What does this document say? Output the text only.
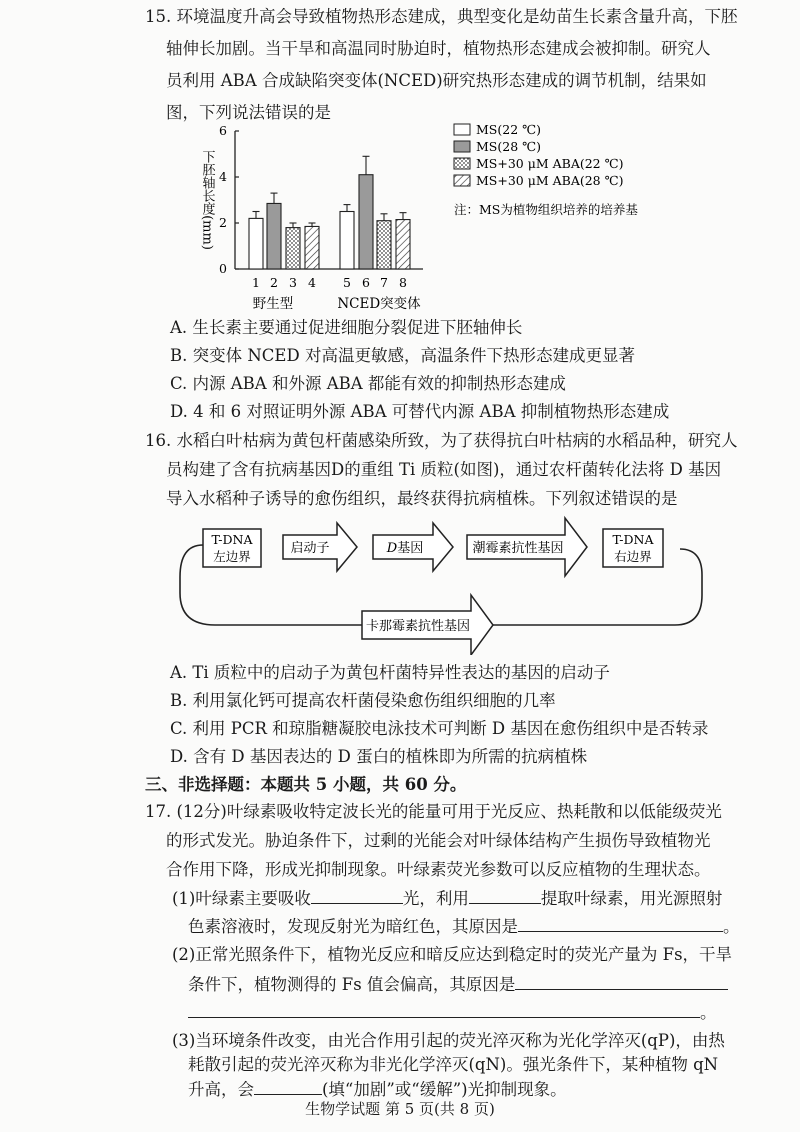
15. 环境温度升高会导致植物热形态建成，典型变化是幼苗生长素含量升高，下胚
轴伸长加剧。当干旱和高温同时胁迫时，植物热形态建成会被抑制。研究人
员利用 ABA 合成缺陷突变体(NCED)研究热形态建成的调节机制，结果如
图，下列说法错误的是
0
2
4
6
1 2 3 4 5 6 7 8
下胚轴长度(mm)
MS(22 ℃)
MS(28 ℃)
MS+30 μM ABA(22 ℃)
MS+30 μM ABA(28 ℃)
注：MS为植物组织培养的培养基
野生型	NCED突变体
A. 生长素主要通过促进细胞分裂促进下胚轴伸长
B. 突变体 NCED 对高温更敏感，高温条件下热形态建成更显著
C. 内源 ABA 和外源 ABA 都能有效的抑制热形态建成
D. 4 和 6 对照证明外源 ABA 可替代内源 ABA 抑制植物热形态建成
16. 水稻白叶枯病为黄包杆菌感染所致，为了获得抗白叶枯病的水稻品种，研究人
员构建了含有抗病基因D的重组 Ti 质粒(如图)，通过农杆菌转化法将 D 基因
导入水稻种子诱导的愈伤组织，最终获得抗病植株。下列叙述错误的是
T-DNA
左边界
启动子	D基因	潮霉素抗性基因
T-DNA
右边界
卡那霉素抗性基因
A. Ti 质粒中的启动子为黄包杆菌特异性表达的基因的启动子
B. 利用氯化钙可提高农杆菌侵染愈伤组织细胞的几率
C. 利用 PCR 和琼脂糖凝胶电泳技术可判断 D 基因在愈伤组织中是否转录
D. 含有 D 基因表达的 D 蛋白的植株即为所需的抗病植株
三、非选择题：本题共 5 小题，共 60 分。
17. (12分)叶绿素吸收特定波长光的能量可用于光反应、热耗散和以低能级荧光
的形式发光。胁迫条件下，过剩的光能会对叶绿体结构产生损伤导致植物光
合作用下降，形成光抑制现象。叶绿素荧光参数可以反应植物的生理状态。
(1)叶绿素主要吸收	光，利用	提取叶绿素，用光源照射
色素溶液时，发现反射光为暗红色，其原因是	。
(2)正常光照条件下，植物光反应和暗反应达到稳定时的荧光产量为 Fs，干旱
条件下，植物测得的 Fs 值会偏高，其原因是
。
(3)当环境条件改变，由光合作用引起的荧光淬灭称为光化学淬灭(qP)，由热
耗散引起的荧光淬灭称为非光化学淬灭(qN)。强光条件下，某种植物 qN
升高，会	(填“加剧”或“缓解”)光抑制现象。
生物学试题 第 5 页(共 8 页)
